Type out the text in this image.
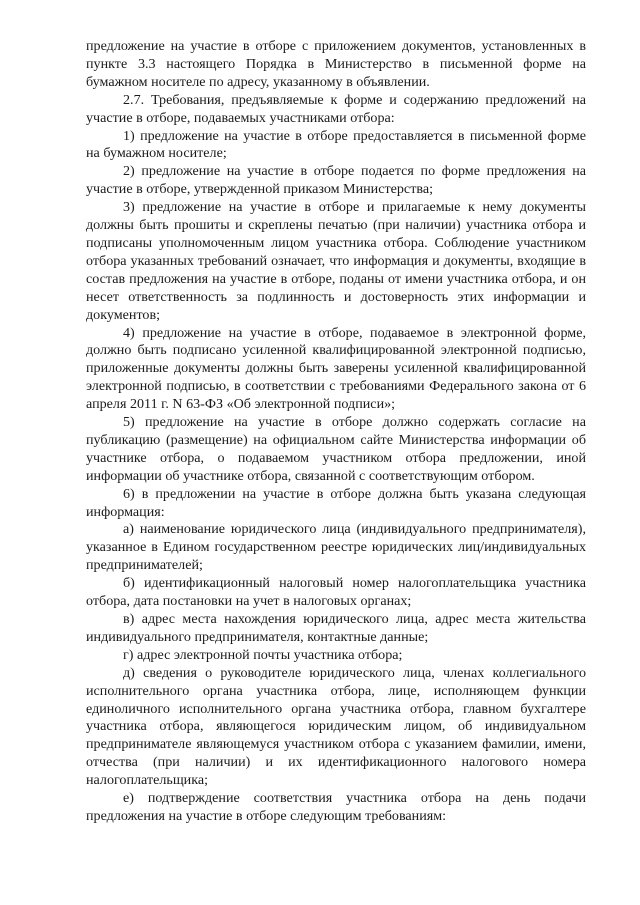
предложение на участие в отборе с приложением документов, установленных в пункте 3.3 настоящего Порядка в Министерство в письменной форме на бумажном носителе по адресу, указанному в объявлении.

2.7. Требования, предъявляемые к форме и содержанию предложений на участие в отборе, подаваемых участниками отбора:

1) предложение на участие в отборе предоставляется в письменной форме на бумажном носителе;

2) предложение на участие в отборе подается по форме предложения на участие в отборе, утвержденной приказом Министерства;

3) предложение на участие в отборе и прилагаемые к нему документы должны быть прошиты и скреплены печатью (при наличии) участника отбора и подписаны уполномоченным лицом участника отбора. Соблюдение участником отбора указанных требований означает, что информация и документы, входящие в состав предложения на участие в отборе, поданы от имени участника отбора, и он несет ответственность за подлинность и достоверность этих информации и документов;

4) предложение на участие в отборе, подаваемое в электронной форме, должно быть подписано усиленной квалифицированной электронной подписью, приложенные документы должны быть заверены усиленной квалифицированной электронной подписью, в соответствии с требованиями Федерального закона от 6 апреля 2011 г. N 63-ФЗ «Об электронной подписи»;

5) предложение на участие в отборе должно содержать согласие на публикацию (размещение) на официальном сайте Министерства информации об участнике отбора, о подаваемом участником отбора предложении, иной информации об участнике отбора, связанной с соответствующим отбором.

6) в предложении на участие в отборе должна быть указана следующая информация:

а) наименование юридического лица (индивидуального предпринимателя), указанное в Едином государственном реестре юридических лиц/индивидуальных предпринимателей;

б) идентификационный налоговый номер налогоплательщика участника отбора, дата постановки на учет в налоговых органах;

в) адрес места нахождения юридического лица, адрес места жительства индивидуального предпринимателя, контактные данные;

г) адрес электронной почты участника отбора;

д) сведения о руководителе юридического лица, членах коллегиального исполнительного органа участника отбора, лице, исполняющем функции единоличного исполнительного органа участника отбора, главном бухгалтере участника отбора, являющегося юридическим лицом, об индивидуальном предпринимателе являющемуся участником отбора с указанием фамилии, имени, отчества (при наличии) и их идентификационного налогового номера налогоплательщика;

е) подтверждение соответствия участника отбора на день подачи предложения на участие в отборе следующим требованиям:
